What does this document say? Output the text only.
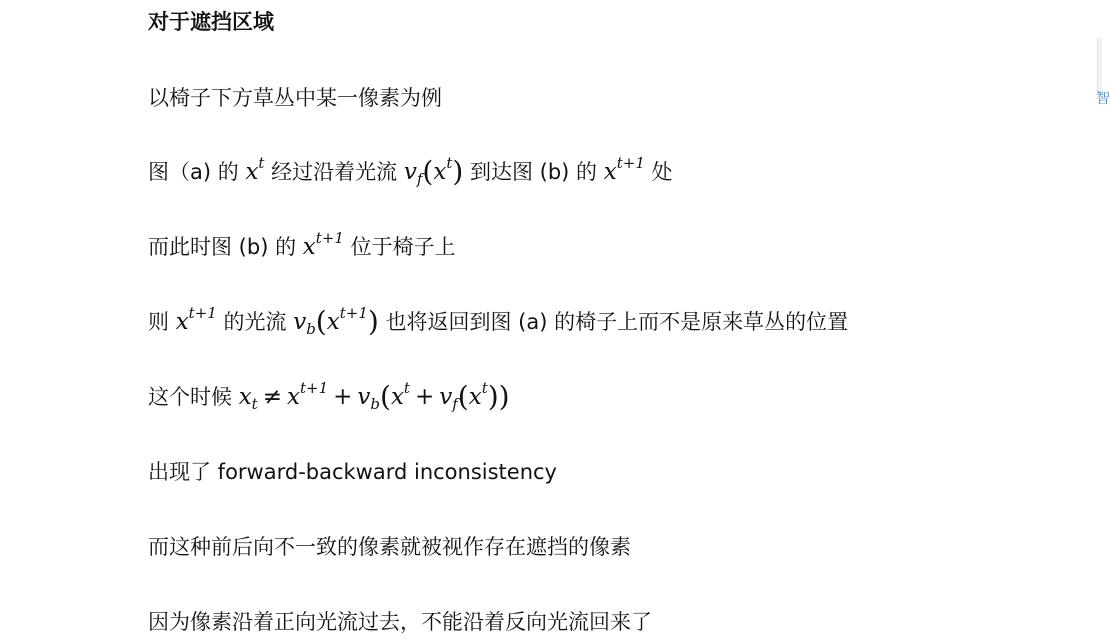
对于遮挡区域
以椅子下方草丛中某一像素为例
图（a) 的 $x^t$ 经过沿着光流 $v_f(x^t)$ 到达图 (b) 的 $x^{t+1}$ 处
而此时图 (b) 的 $x^{t+1}$ 位于椅子上
则 $x^{t+1}$ 的光流 $v_b(x^{t+1})$ 也将返回到图 (a) 的椅子上而不是原来草丛的位置
这个时候 $x_t \ne x^{t+1} + v_b(x^t + v_f(x^t))$
出现了 forward-backward inconsistency
而这种前后向不一致的像素就被视作存在遮挡的像素
因为像素沿着正向光流过去，不能沿着反向光流回来了
智
